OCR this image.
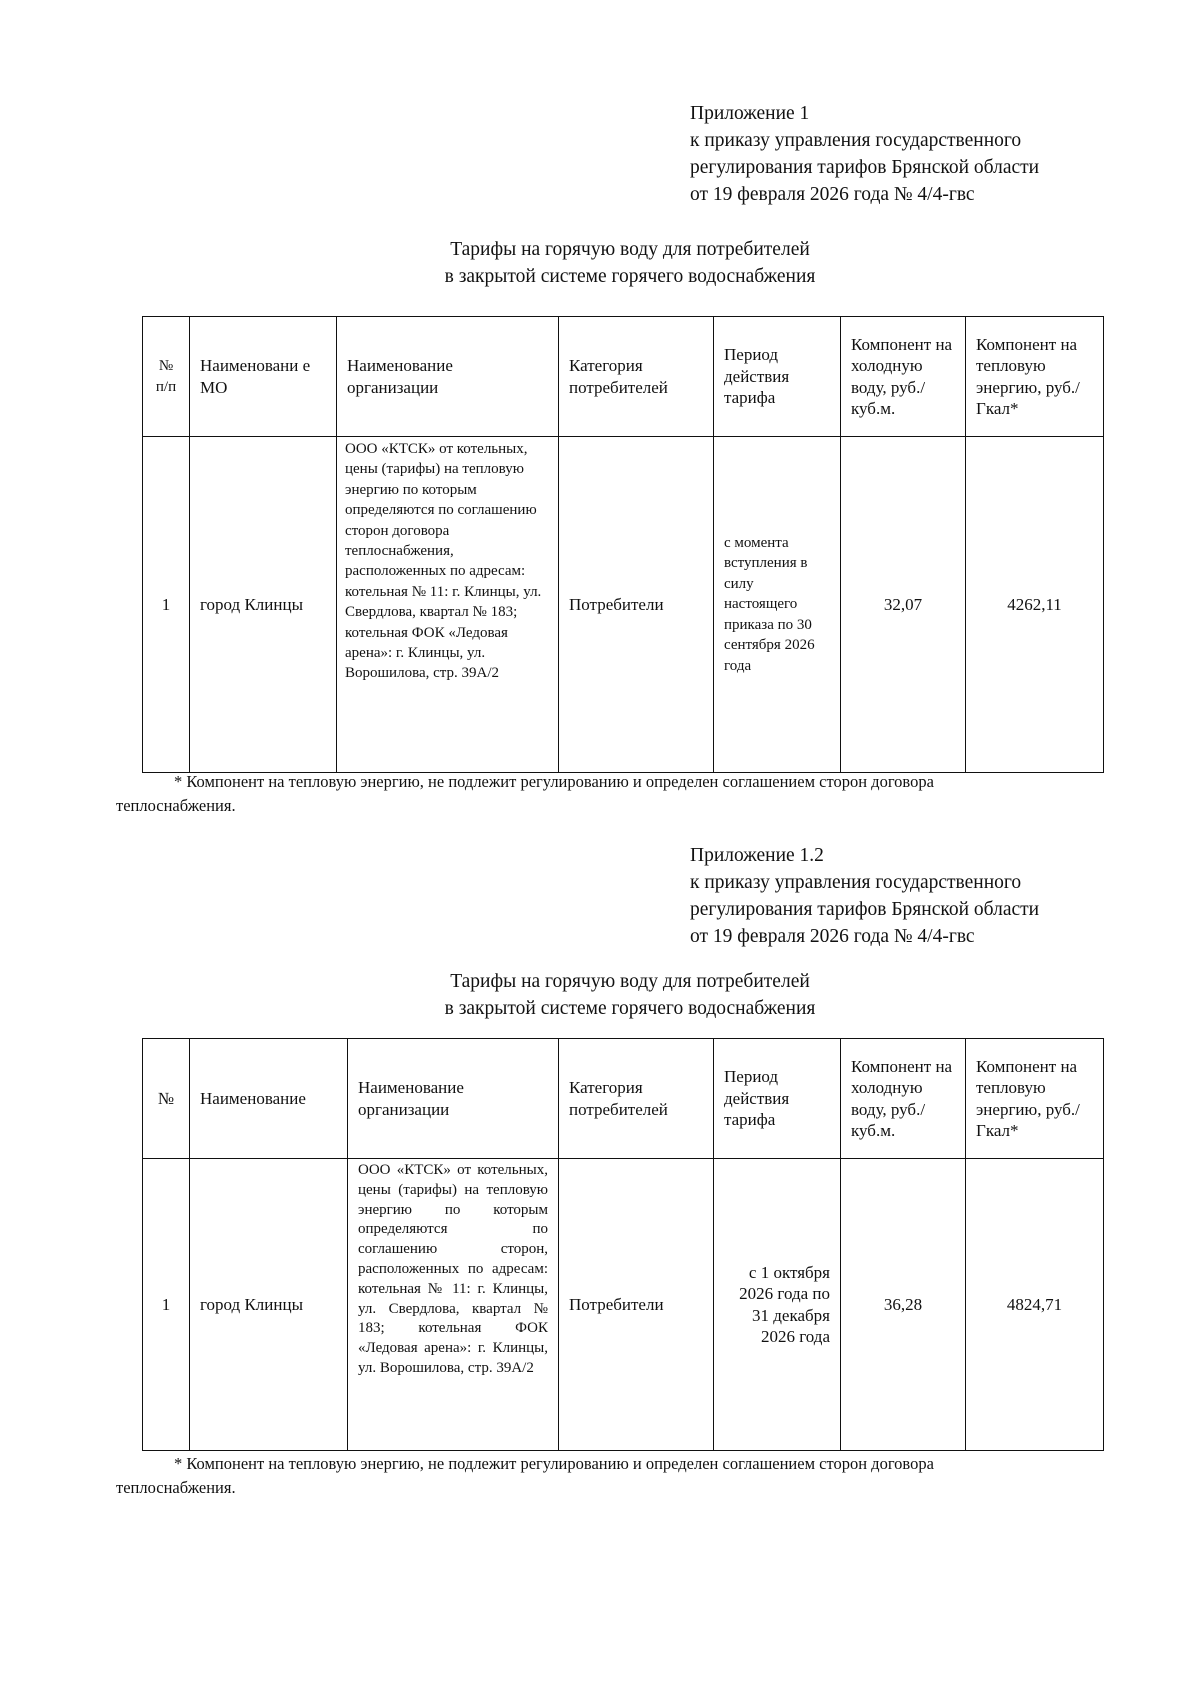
Приложение 1
к приказу управления государственного
регулирования тарифов Брянской области
от 19 февраля 2026 года № 4/4-гвс
Тарифы на горячую воду для потребителей
в закрытой системе горячего водоснабжения
№ п/п	Наименовани е МО	Наименование организации	Категория потребителей	Период действия тарифа	Компонент на холодную воду, руб./ куб.м.	Компонент на тепловую энергию, руб./ Гкал*
1	город Клинцы	ООО «КТСК» от котельных, цены (тарифы) на тепловую энергию по которым определяются по соглашению сторон договора теплоснабжения, расположенных по адресам: котельная № 11: г. Клинцы, ул. Свердлова, квартал № 183; котельная ФОК «Ледовая арена»: г. Клинцы, ул. Ворошилова, стр. 39А/2	Потребители	с момента вступления в силу настоящего приказа по 30 сентября 2026 года	32,07	4262,11
* Компонент на тепловую энергию, не подлежит регулированию и определен соглашением сторон договора
теплоснабжения.
Приложение 1.2
к приказу управления государственного
регулирования тарифов Брянской области
от 19 февраля 2026 года № 4/4-гвс
Тарифы на горячую воду для потребителей
в закрытой системе горячего водоснабжения
№	Наименование	Наименование организации	Категория потребителей	Период действия тарифа	Компонент на холодную воду, руб./ куб.м.	Компонент на тепловую энергию, руб./ Гкал*
1	город Клинцы	ООО «КТСК» от котельных, цены (тарифы) на тепловую энергию по которым определяются по соглашению сторон, расположенных по адресам: котельная № 11: г. Клинцы, ул. Свердлова, квартал № 183; котельная ФОК «Ледовая арена»: г. Клинцы, ул. Ворошилова, стр. 39А/2	Потребители	с 1 октября 2026 года по 31 декабря 2026 года	36,28	4824,71
* Компонент на тепловую энергию, не подлежит регулированию и определен соглашением сторон договора
теплоснабжения.
